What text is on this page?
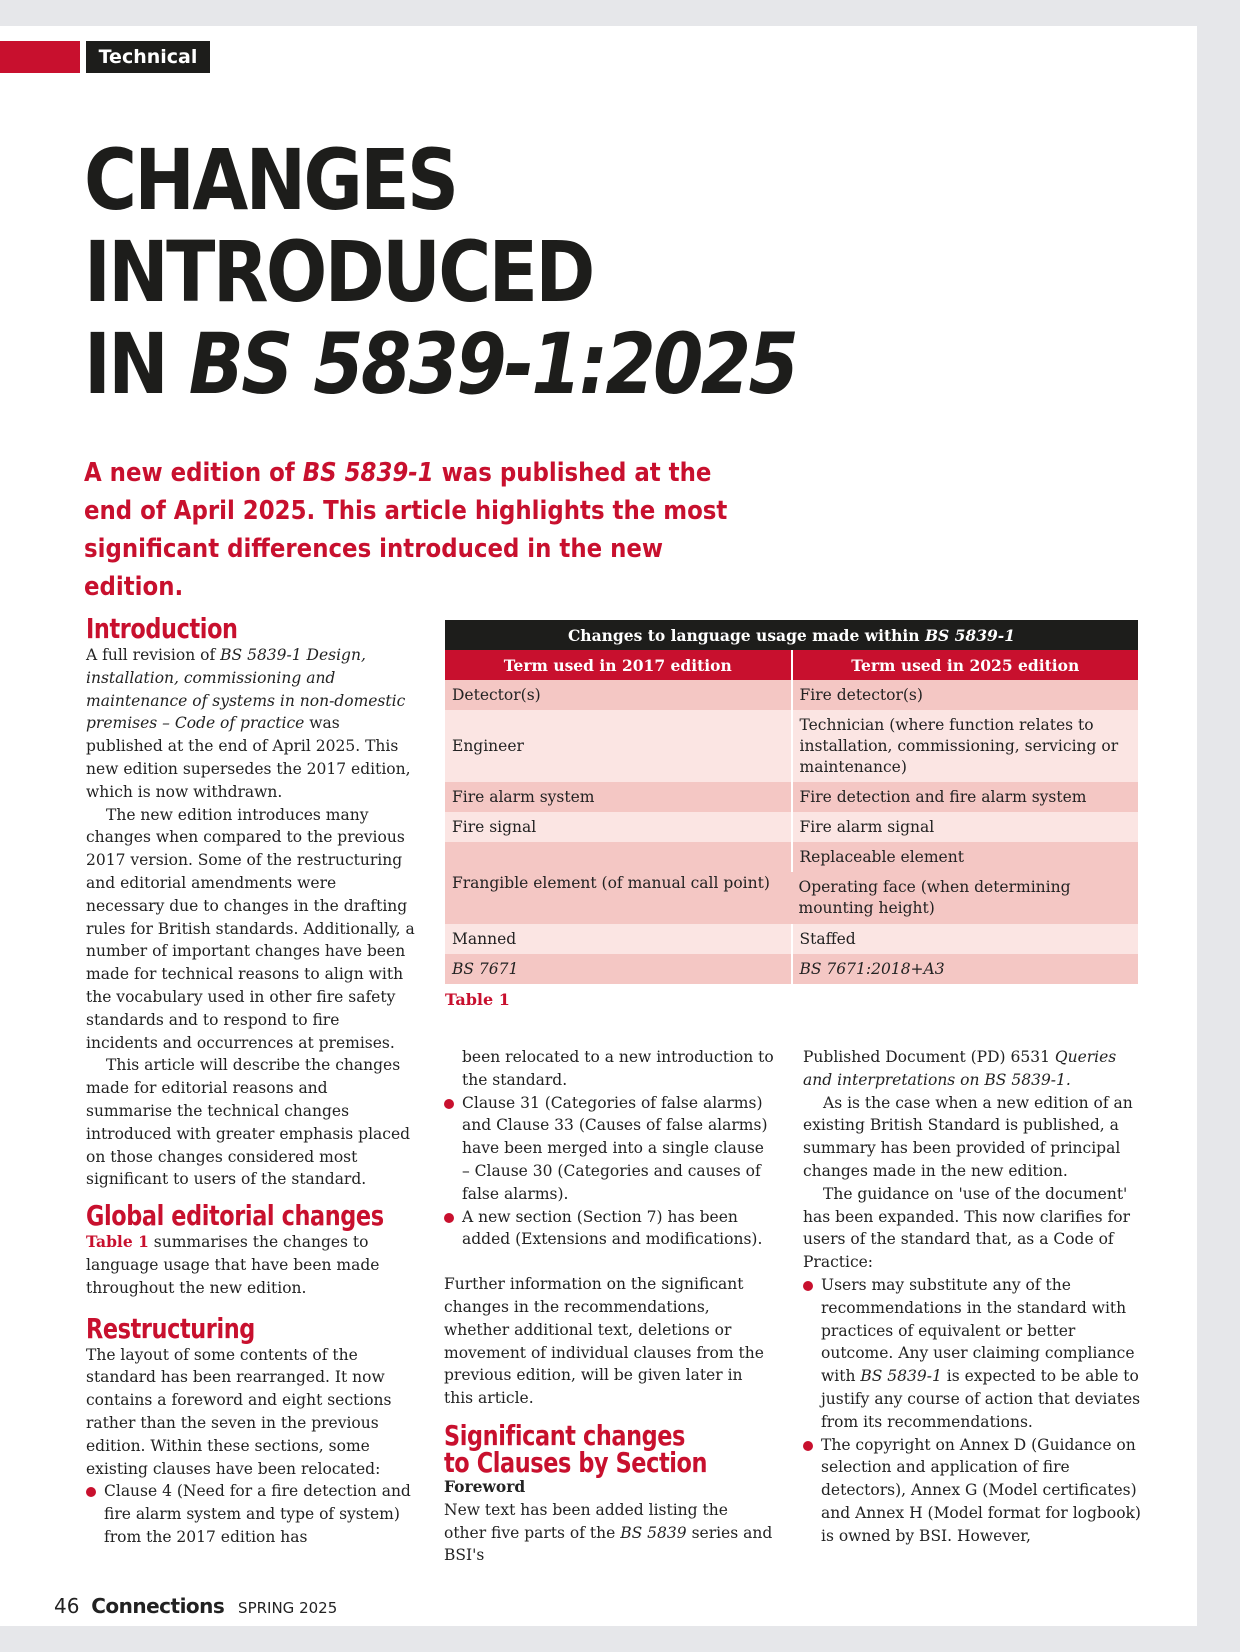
Technical
CHANGES
INTRODUCED
IN BS 5839-1:2025
A new edition of BS 5839-1 was published at the end of April 2025. This article highlights the most significant differences introduced in the new edition.
Introduction

A full revision of BS 5839-1 Design, installation, commissioning and maintenance of systems in non-domestic premises – Code of practice was published at the end of April 2025. This new edition supersedes the 2017 edition, which is now withdrawn.

The new edition introduces many changes when compared to the previous 2017 version. Some of the restructuring and editorial amendments were necessary due to changes in the drafting rules for British standards. Additionally, a number of important changes have been made for technical reasons to align with the vocabulary used in other fire safety standards and to respond to fire incidents and occurrences at premises.

This article will describe the changes made for editorial reasons and summarise the technical changes introduced with greater emphasis placed on those changes considered most significant to users of the standard.

Global editorial changes

Table 1 summarises the changes to language usage that have been made throughout the new edition.

Restructuring

The layout of some contents of the standard has been rearranged. It now contains a foreword and eight sections rather than the seven in the previous edition. Within these sections, some existing clauses have been relocated:

Clause 4 (Need for a fire detection and fire alarm system and type of system) from the 2017 edition has
Changes to language usage made within BS 5839-1	
Term used in 2017 edition	Term used in 2025 edition
Detector(s)	Fire detector(s)
Engineer	Technician (where function relates to installation, commissioning, servicing or maintenance)
Fire alarm system	Fire detection and fire alarm system
Fire signal	Fire alarm signal
Frangible element (of manual call point)	Replaceable element
	Operating face (when determining mounting height)
Manned	Staffed
BS 7671	BS 7671:2018+A3
Table 1

been relocated to a new introduction to the standard.

Clause 31 (Categories of false alarms) and Clause 33 (Causes of false alarms) have been merged into a single clause – Clause 30 (Categories and causes of false alarms).
A new section (Section 7) has been added (Extensions and modifications).

Further information on the significant changes in the recommendations, whether additional text, deletions or movement of individual clauses from the previous edition, will be given later in this article.

Significant changes
to Clauses by Section

Foreword

New text has been added listing the other five parts of the BS 5839 series and BSI's

Published Document (PD) 6531 Queries and interpretations on BS 5839-1.

As is the case when a new edition of an existing British Standard is published, a summary has been provided of principal changes made in the new edition.

The guidance on 'use of the document' has been expanded. This now clarifies for users of the standard that, as a Code of Practice:

Users may substitute any of the recommendations in the standard with practices of equivalent or better outcome. Any user claiming compliance with BS 5839-1 is expected to be able to justify any course of action that deviates from its recommendations.
The copyright on Annex D (Guidance on selection and application of fire detectors), Annex G (Model certificates) and Annex H (Model format for logbook) is owned by BSI. However,
46 Connections SPRING 2025
